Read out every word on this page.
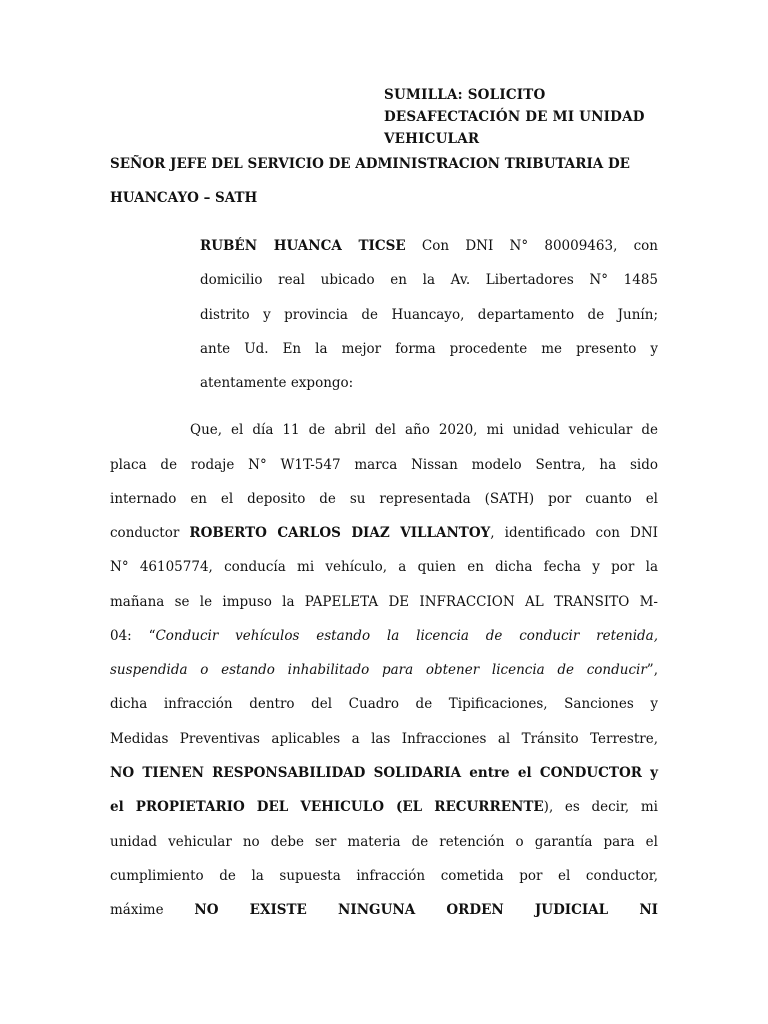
SUMILLA: SOLICITO
DESAFECTACIÓN DE MI UNIDAD
VEHICULAR
SEÑOR JEFE DEL SERVICIO DE ADMINISTRACION TRIBUTARIA DE
HUANCAYO – SATH
RUBÉN HUANCA TICSE Con DNI N° 80009463, con
domicilio real ubicado en la Av. Libertadores N° 1485
distrito y provincia de Huancayo, departamento de Junín;
ante Ud. En la mejor forma procedente me presento y
atentamente expongo:
Que, el día 11 de abril del año 2020, mi unidad vehicular de
placa de rodaje N° W1T-547 marca Nissan modelo Sentra, ha sido
internado en el deposito de su representada (SATH) por cuanto el
conductor ROBERTO CARLOS DIAZ VILLANTOY, identificado con DNI
N° 46105774, conducía mi vehículo, a quien en dicha fecha y por la
mañana se le impuso la PAPELETA DE INFRACCION AL TRANSITO M-
04: “Conducir vehículos estando la licencia de conducir retenida,
suspendida o estando inhabilitado para obtener licencia de conducir”,
dicha infracción dentro del Cuadro de Tipificaciones, Sanciones y
Medidas Preventivas aplicables a las Infracciones al Tránsito Terrestre,
NO TIENEN RESPONSABILIDAD SOLIDARIA entre el CONDUCTOR y
el PROPIETARIO DEL VEHICULO (EL RECURRENTE), es decir, mi
unidad vehicular no debe ser materia de retención o garantía para el
cumplimiento de la supuesta infracción cometida por el conductor,
máxime NO EXISTE NINGUNA ORDEN JUDICIAL NI
